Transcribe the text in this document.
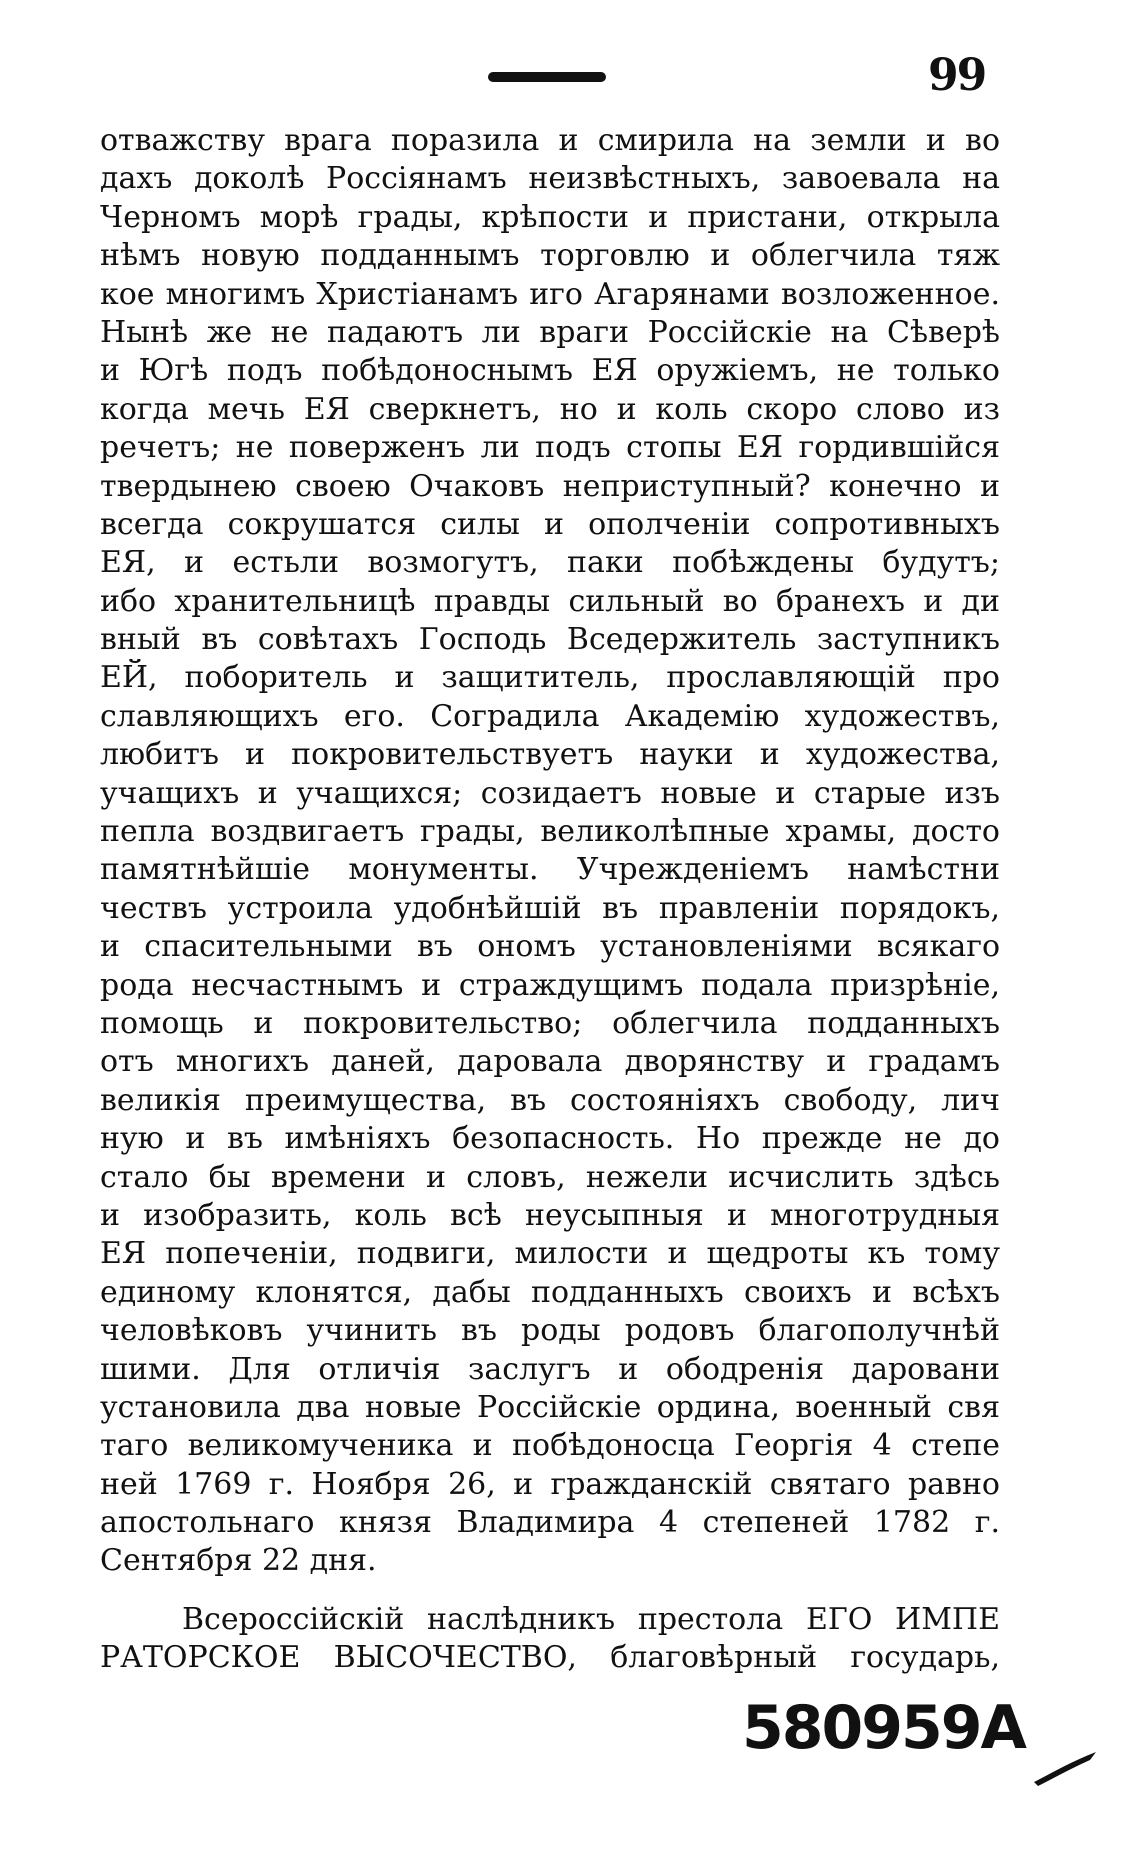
99
отважству врага поразила и смирила на земли и во
дахъ доколѣ Россіянамъ неизвѣстныхъ, завоевала на
Черномъ морѣ грады, крѣпости и пристани, открыла
нѣмъ новую подданнымъ торговлю и облегчила тяж
кое многимъ Христіанамъ иго Агарянами возложенное.
Нынѣ же не падаютъ ли враги Россійскіе на Сѣверѣ
и Югѣ подъ побѣдоноснымъ ЕЯ оружіемъ, не только
когда мечь ЕЯ сверкнетъ, но и коль скоро слово из
речетъ; не поверженъ ли подъ стопы ЕЯ гордившійся
твердынею своею Очаковъ неприступный? конечно и
всегда сокрушатся силы и ополченіи сопротивныхъ
ЕЯ, и естьли возмогутъ, паки побѣждены будутъ;
ибо хранительницѣ правды сильный во бранехъ и ди
вный въ совѣтахъ Господь Вседержитель заступникъ
ЕЙ, поборитель и защититель, прославляющій про
славляющихъ его. Соградила Академію художествъ,
любитъ и покровительствуетъ науки и художества,
учащихъ и учащихся; созидаетъ новые и старые изъ
пепла воздвигаетъ грады, великолѣпные храмы, досто
памятнѣйшіе монументы. Учрежденіемъ намѣстни
чествъ устроила удобнѣйшій въ правленіи порядокъ,
и спасительными въ ономъ установленіями всякаго
рода несчастнымъ и страждущимъ подала призрѣніе,
помощь и покровительство; облегчила подданныхъ
отъ многихъ даней, даровала дворянству и градамъ
великія преимущества, въ состояніяхъ свободу, лич
ную и въ имѣніяхъ безопасность. Но прежде не до
стало бы времени и словъ, нежели исчислить здѣсь
и изобразить, коль всѣ неусыпныя и многотрудныя
ЕЯ попеченіи, подвиги, милости и щедроты къ тому
единому клонятся, дабы подданныхъ своихъ и всѣхъ
человѣковъ учинить въ роды родовъ благополучнѣй
шими. Для отличія заслугъ и ободренія даровани
установила два новые Россійскіе ордина, военный свя
таго великомученика и побѣдоносца Георгія 4 степе
ней 1769 г. Ноября 26, и гражданскій святаго равно
апостольнаго князя Владимира 4 степеней 1782 г.
Сентября 22 дня.
Всероссійскій наслѣдникъ престола ЕГО ИМПЕ
РАТОРСКОЕ ВЫСОЧЕСТВО, благовѣрный государь,
580959А
